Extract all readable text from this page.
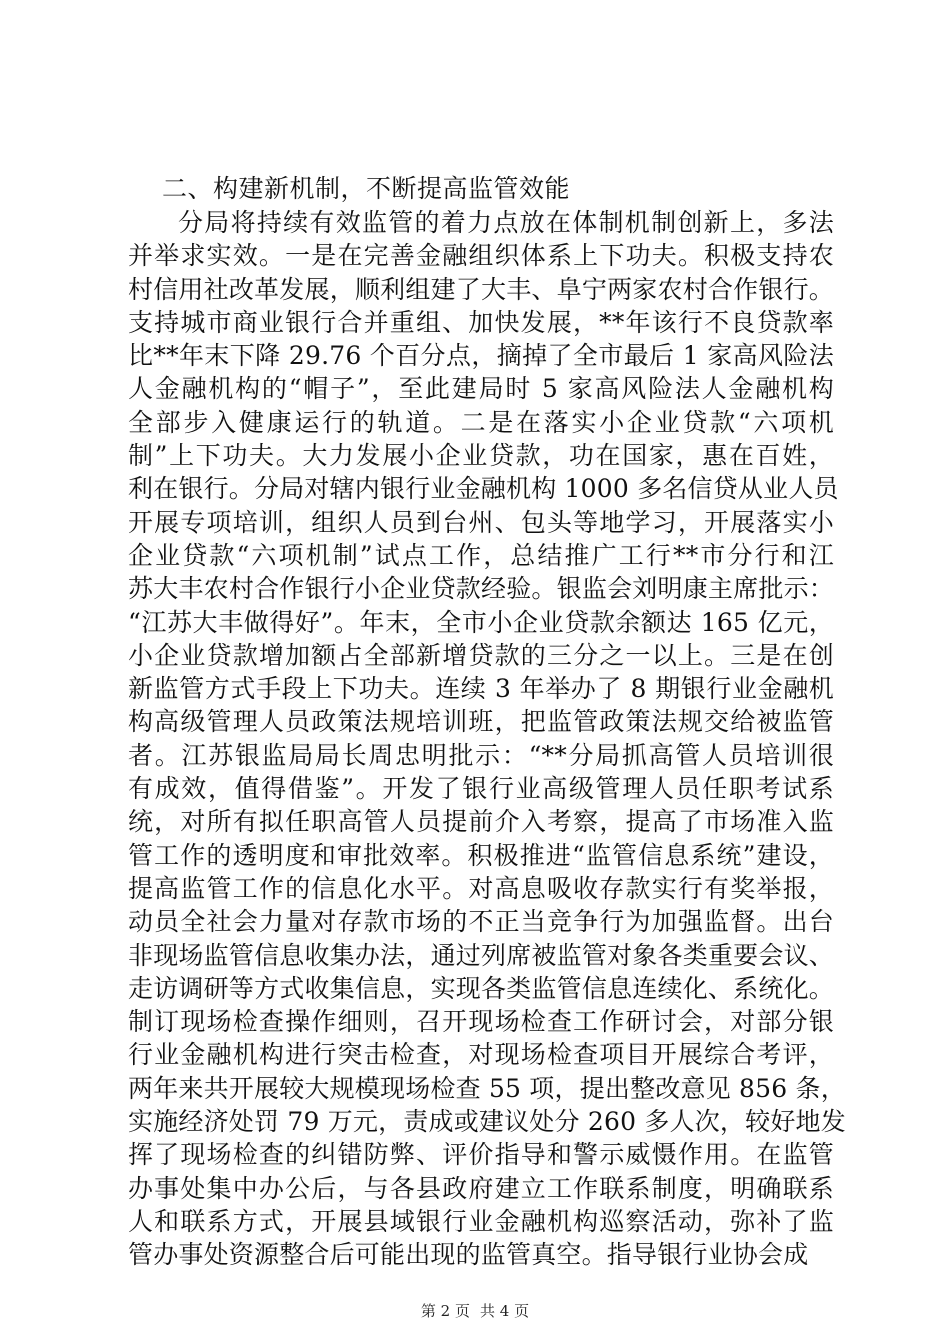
二、构建新机制，不断提高监管效能
分局将持续有效监管的着力点放在体制机制创新上，多法
并举求实效。一是在完善金融组织体系上下功夫。积极支持农
村信用社改革发展，顺利组建了大丰、阜宁两家农村合作银行。
支持城市商业银行合并重组、加快发展，**年该行不良贷款率
比**年末下降 29.76 个百分点，摘掉了全市最后 1 家高风险法
人金融机构的“帽子”，至此建局时 5 家高风险法人金融机构
全部步入健康运行的轨道。二是在落实小企业贷款“六项机
制”上下功夫。大力发展小企业贷款，功在国家，惠在百姓，
利在银行。分局对辖内银行业金融机构 1000 多名信贷从业人员
开展专项培训，组织人员到台州、包头等地学习，开展落实小
企业贷款“六项机制”试点工作，总结推广工行**市分行和江
苏大丰农村合作银行小企业贷款经验。银监会刘明康主席批示：
“江苏大丰做得好”。年末，全市小企业贷款余额达 165 亿元，
小企业贷款增加额占全部新增贷款的三分之一以上。三是在创
新监管方式手段上下功夫。连续 3 年举办了 8 期银行业金融机
构高级管理人员政策法规培训班，把监管政策法规交给被监管
者。江苏银监局局长周忠明批示：“**分局抓高管人员培训很
有成效，值得借鉴”。开发了银行业高级管理人员任职考试系
统，对所有拟任职高管人员提前介入考察，提高了市场准入监
管工作的透明度和审批效率。积极推进“监管信息系统”建设，
提高监管工作的信息化水平。对高息吸收存款实行有奖举报，
动员全社会力量对存款市场的不正当竞争行为加强监督。出台
非现场监管信息收集办法，通过列席被监管对象各类重要会议、
走访调研等方式收集信息，实现各类监管信息连续化、系统化。
制订现场检查操作细则，召开现场检查工作研讨会，对部分银
行业金融机构进行突击检查，对现场检查项目开展综合考评，
两年来共开展较大规模现场检查 55 项，提出整改意见 856 条，
实施经济处罚 79 万元，责成或建议处分 260 多人次，较好地发
挥了现场检查的纠错防弊、评价指导和警示威慑作用。在监管
办事处集中办公后，与各县政府建立工作联系制度，明确联系
人和联系方式，开展县域银行业金融机构巡察活动，弥补了监
管办事处资源整合后可能出现的监管真空。指导银行业协会成
第 2 页 共 4 页
